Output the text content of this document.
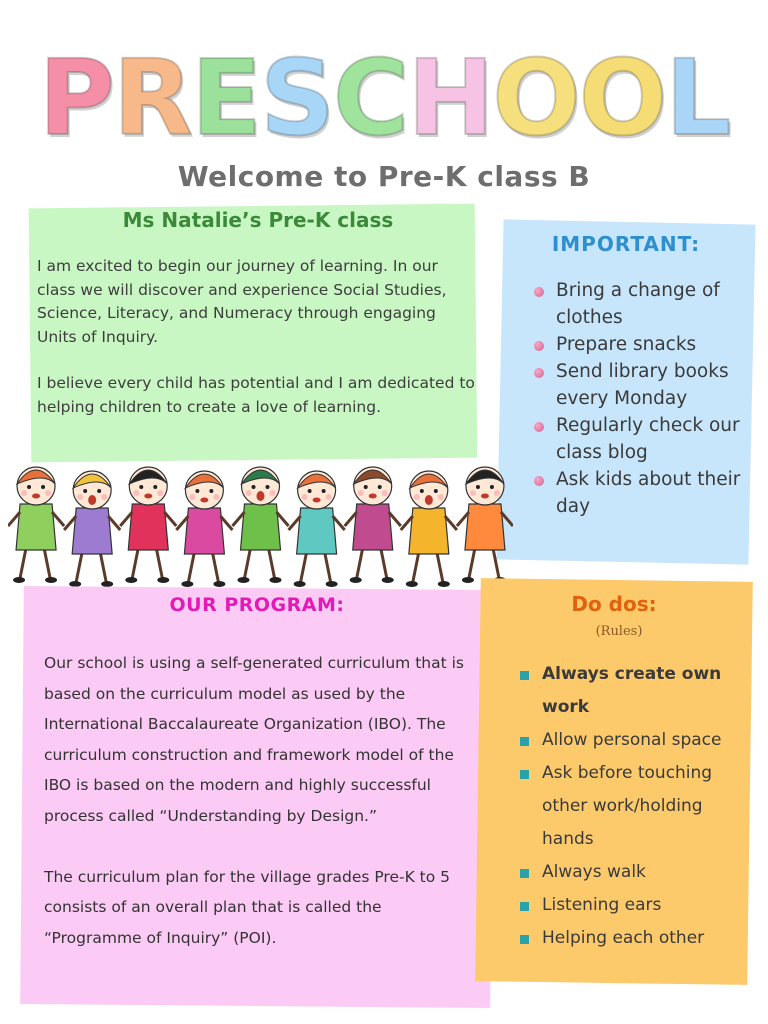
P
R
E
S
C
H
O
O
L
Welcome to Pre-K class B
Ms Natalie’s Pre-K class

I am excited to begin our journey of learning. In our class we will discover and experience Social Studies, Science, Literacy, and Numeracy through engaging Units of Inquiry.

I believe every child has potential and I am dedicated to helping children to create a love of learning.

IMPORTANT:
Bring a change of clothes
Prepare snacks
Send library books every Monday
Regularly check our class blog
Ask kids about their day
OUR PROGRAM:

Our school is using a self-generated curriculum that is based on the curriculum model as used by the International Baccalaureate Organization (IBO). The curriculum construction and framework model of the IBO is based on the modern and highly successful process called “Understanding by Design.”

The curriculum plan for the village grades Pre-K to 5 consists of an overall plan that is called the “Programme of Inquiry” (POI).

Do dos:
(Rules)
Always create own work
Allow personal space
Ask before touching other work/holding hands
Always walk
Listening ears
Helping each other
